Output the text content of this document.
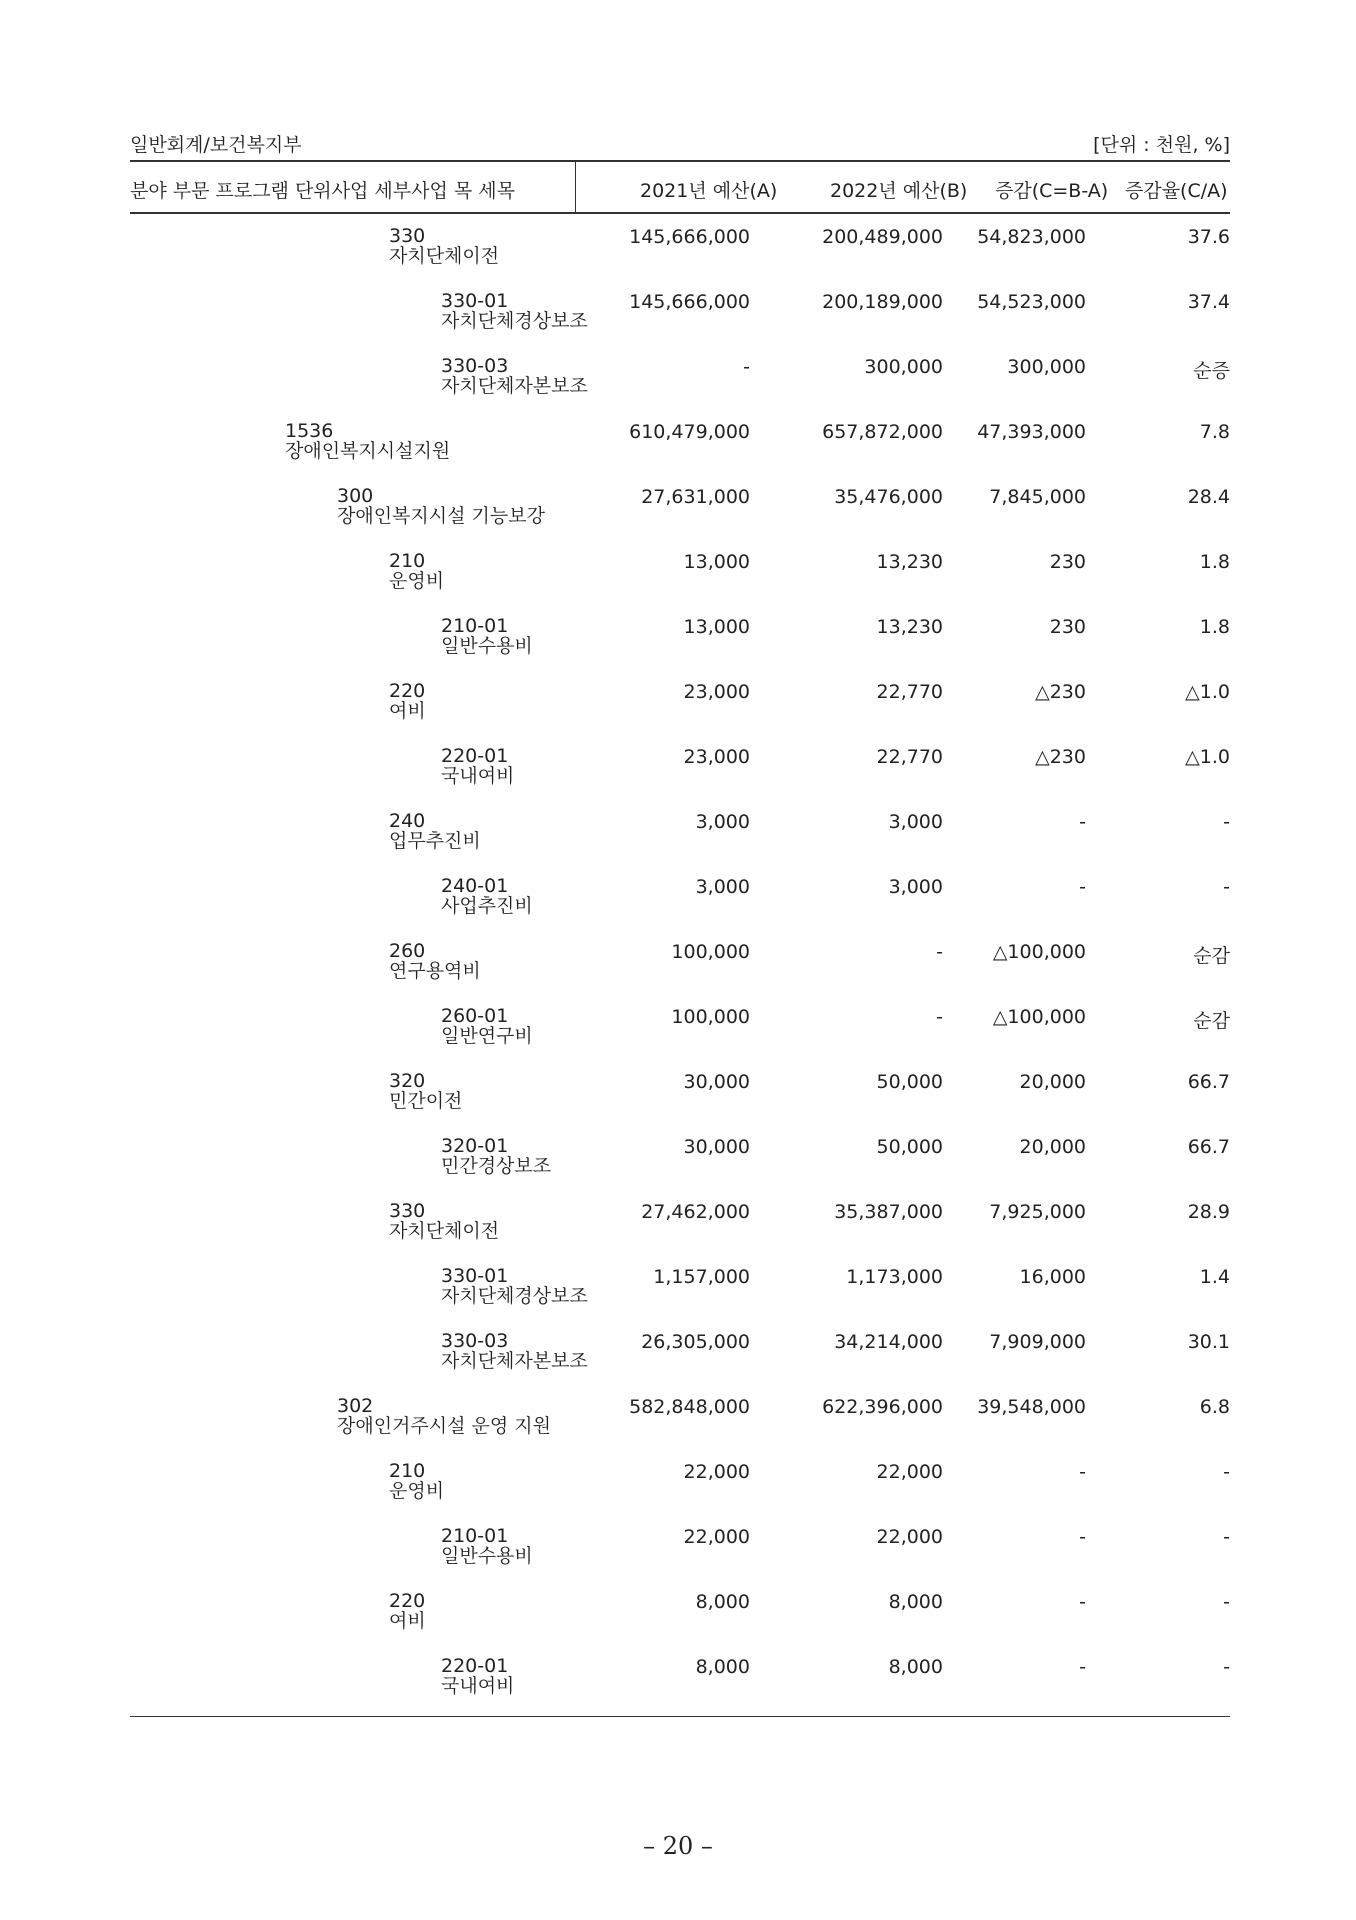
일반회계/보건복지부	[단위 : 천원, %]
분야 부문 프로그램 단위사업 세부사업 목 세목	2021년 예산(A)	2022년 예산(B) 증감(C=B-A) 증감율(C/A)
330
자치단체이전
145,666,000	200,489,000 54,823,000	37.6
330-01
자치단체경상보조
145,666,000	200,189,000 54,523,000	37.4
330-03
자치단체자본보조
-	300,000	300,000	순증
1536
장애인복지시설지원
610,479,000	657,872,000 47,393,000	7.8
300
장애인복지시설 기능보강
27,631,000	35,476,000 7,845,000	28.4
210
운영비
13,000	13,230	230	1.8
210-01
일반수용비
13,000	13,230	230	1.8
220
여비
23,000	22,770	△230	△1.0
220-01
국내여비
23,000	22,770	△230	△1.0
240
업무추진비
3,000	3,000	-	-
240-01
사업추진비
3,000	3,000	-	-
260
연구용역비
100,000	-	△100,000	순감
260-01
일반연구비
100,000	-	△100,000	순감
320
민간이전
30,000	50,000	20,000	66.7
320-01
민간경상보조
30,000	50,000	20,000	66.7
330
자치단체이전
27,462,000	35,387,000 7,925,000	28.9
330-01
자치단체경상보조
1,157,000	1,173,000	16,000	1.4
330-03
자치단체자본보조
26,305,000	34,214,000 7,909,000	30.1
302
장애인거주시설 운영 지원
582,848,000	622,396,000 39,548,000	6.8
210
운영비
22,000	22,000	-	-
210-01
일반수용비
22,000	22,000	-	-
220
여비
8,000	8,000	-	-
220-01
국내여비
8,000	8,000	-	-
– 20 –
